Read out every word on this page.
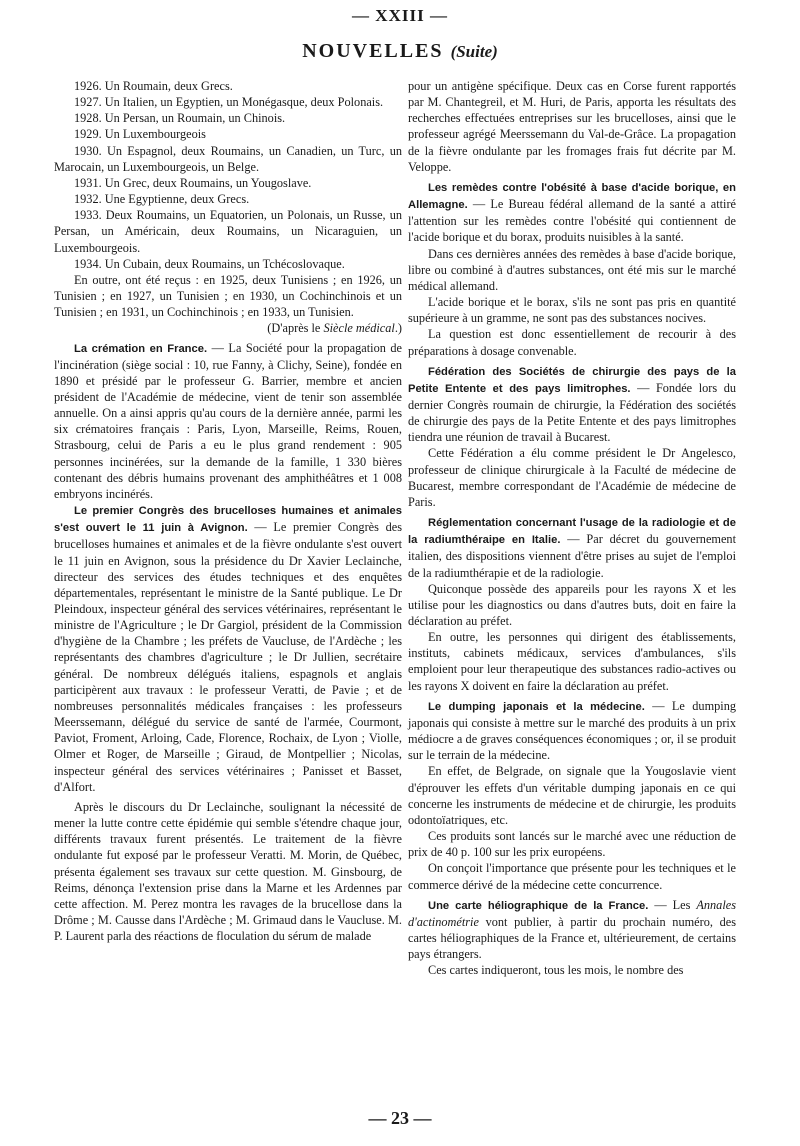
— XXIII —
NOUVELLES (Suite)

1926. Un Roumain, deux Grecs.

1927. Un Italien, un Egyptien, un Monégasque, deux Polonais.

1928. Un Persan, un Roumain, un Chinois.

1929. Un Luxembourgeois

1930. Un Espagnol, deux Roumains, un Canadien, un Turc, un Marocain, un Luxembourgeois, un Belge.

1931. Un Grec, deux Roumains, un Yougoslave.

1932. Une Egyptienne, deux Grecs.

1933. Deux Roumains, un Equatorien, un Polonais, un Russe, un Persan, un Américain, deux Roumains, un Nicaraguien, un Luxembourgeois.

1934. Un Cubain, deux Roumains, un Tchécoslovaque.

En outre, ont été reçus : en 1925, deux Tunisiens ; en 1926, un Tunisien ; en 1927, un Tunisien ; en 1930, un Cochinchinois et un Tunisien ; en 1931, un Cochinchinois ; en 1933, un Tunisien.

(D'après le Siècle médical.)

La crémation en France. — La Société pour la propagation de l'incinération (siège social : 10, rue Fanny, à Clichy, Seine), fondée en 1890 et présidé par le professeur G. Barrier, membre et ancien président de l'Académie de médecine, vient de tenir son assemblée annuelle. On a ainsi appris qu'au cours de la dernière année, parmi les six crématoires français : Paris, Lyon, Marseille, Reims, Rouen, Strasbourg, celui de Paris a eu le plus grand rendement : 905 personnes incinérées, sur la demande de la famille, 1 330 bières contenant des débris humains provenant des amphithéâtres et 1 008 embryons incinérés.

Le premier Congrès des brucelloses humaines et animales s'est ouvert le 11 juin à Avignon. — Le premier Congrès des brucelloses humaines et animales et de la fièvre ondulante s'est ouvert le 11 juin en Avignon, sous la présidence du Dr Xavier Leclainche, directeur des services des études techniques et des enquêtes départementales, représentant le ministre de la Santé publique. Le Dr Pleindoux, inspecteur général des services vétérinaires, représentant le ministre de l'Agriculture ; le Dr Gargiol, président de la Commission d'hygiène de la Chambre ; les préfets de Vaucluse, de l'Ardèche ; les représentants des chambres d'agriculture ; le Dr Jullien, secrétaire général. De nombreux délégués italiens, espagnols et anglais participèrent aux travaux : le professeur Veratti, de Pavie ; et de nombreuses personnalités médicales françaises : les professeurs Meerssemann, délégué du service de santé de l'armée, Courmont, Paviot, Froment, Arloing, Cade, Florence, Rochaix, de Lyon ; Violle, Olmer et Roger, de Marseille ; Giraud, de Montpellier ; Nicolas, inspecteur général des services vétérinaires ; Panisset et Basset, d'Alfort.

Après le discours du Dr Leclainche, soulignant la nécessité de mener la lutte contre cette épidémie qui semble s'étendre chaque jour, différents travaux furent présentés. Le traitement de la fièvre ondulante fut exposé par le professeur Veratti. M. Morin, de Québec, présenta également ses travaux sur cette question. M. Ginsbourg, de Reims, dénonça l'extension prise dans la Marne et les Ardennes par cette affection. M. Perez montra les ravages de la brucellose dans la Drôme ; M. Causse dans l'Ardèche ; M. Grimaud dans le Vaucluse. M. P. Laurent parla des réactions de floculation du sérum de malade

pour un antigène spécifique. Deux cas en Corse furent rapportés par M. Chantegreil, et M. Huri, de Paris, apporta les résultats des recherches effectuées entreprises sur les brucelloses, ainsi que le professeur agrégé Meerssemann du Val-de-Grâce. La propagation de la fièvre ondulante par les fromages frais fut décrite par M. Veloppe.

Les remèdes contre l'obésité à base d'acide borique, en Allemagne. — Le Bureau fédéral allemand de la santé a attiré l'attention sur les remèdes contre l'obésité qui contiennent de l'acide borique et du borax, produits nuisibles à la santé.

Dans ces dernières années des remèdes à base d'acide borique, libre ou combiné à d'autres substances, ont été mis sur le marché médical allemand.

L'acide borique et le borax, s'ils ne sont pas pris en quantité supérieure à un gramme, ne sont pas des substances nocives.

La question est donc essentiellement de recourir à des préparations à dosage convenable.

Fédération des Sociétés de chirurgie des pays de la Petite Entente et des pays limitrophes. — Fondée lors du dernier Congrès roumain de chirurgie, la Fédération des sociétés de chirurgie des pays de la Petite Entente et des pays limitrophes tiendra une réunion de travail à Bucarest.

Cette Fédération a élu comme président le Dr Angelesco, professeur de clinique chirurgicale à la Faculté de médecine de Bucarest, membre correspondant de l'Académie de médecine de Paris.

Réglementation concernant l'usage de la radiologie et de la radiumthéraipe en Italie. — Par décret du gouvernement italien, des dispositions viennent d'être prises au sujet de l'emploi de la radiumthérapie et de la radiologie.

Quiconque possède des appareils pour les rayons X et les utilise pour les diagnostics ou dans d'autres buts, doit en faire la déclaration au préfet.

En outre, les personnes qui dirigent des établissements, instituts, cabinets médicaux, services d'ambulances, s'ils emploient pour leur therapeutique des substances radio-actives ou les rayons X doivent en faire la déclaration au préfet.

Le dumping japonais et la médecine. — Le dumping japonais qui consiste à mettre sur le marché des produits à un prix médiocre a de graves conséquences économiques ; or, il se produit sur le terrain de la médecine.

En effet, de Belgrade, on signale que la Yougoslavie vient d'éprouver les effets d'un véritable dumping japonais en ce qui concerne les instruments de médecine et de chirurgie, les produits odontoïatriques, etc.

Ces produits sont lancés sur le marché avec une réduction de prix de 40 p. 100 sur les prix européens.

On conçoit l'importance que présente pour les techniques et le commerce dérivé de la médecine cette concurrence.

Une carte héliographique de la France. — Les Annales d'actinométrie vont publier, à partir du prochain numéro, des cartes héliographiques de la France et, ultérieurement, de certains pays étrangers.

Ces cartes indiqueront, tous les mois, le nombre des

— 23 —
